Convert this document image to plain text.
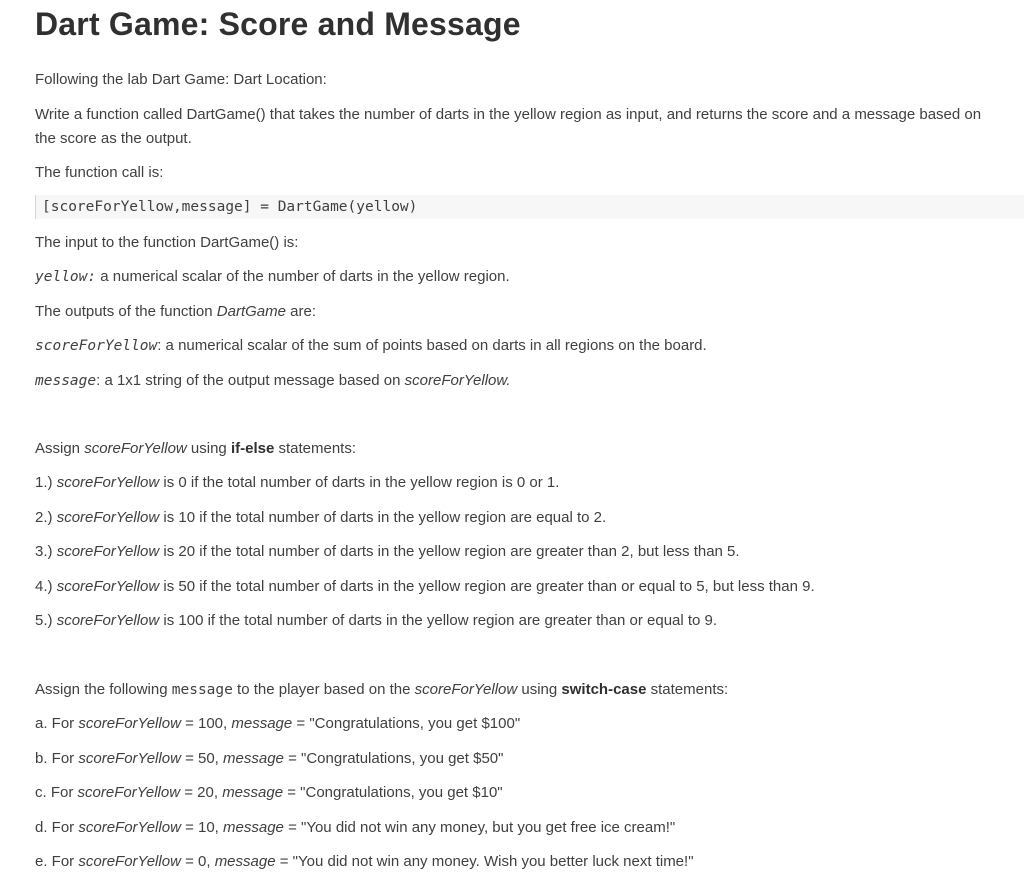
Dart Game: Score and Message
Following the lab Dart Game: Dart Location:
Write a function called DartGame() that takes the number of darts in the yellow region as input, and returns the score and a message based on the score as the output.
The function call is:
[scoreForYellow,message] = DartGame(yellow)
The input to the function DartGame() is:
yellow: a numerical scalar of the number of darts in the yellow region.
The outputs of the function DartGame are:
scoreForYellow: a numerical scalar of the sum of points based on darts in all regions on the board.
message: a 1x1 string of the output message based on scoreForYellow.
Assign scoreForYellow using if-else statements:
1.) scoreForYellow is 0 if the total number of darts in the yellow region is 0 or 1.
2.) scoreForYellow is 10 if the total number of darts in the yellow region are equal to 2.
3.) scoreForYellow is 20 if the total number of darts in the yellow region are greater than 2, but less than 5.
4.) scoreForYellow is 50 if the total number of darts in the yellow region are greater than or equal to 5, but less than 9.
5.) scoreForYellow is 100 if the total number of darts in the yellow region are greater than or equal to 9.
Assign the following message to the player based on the scoreForYellow using switch-case statements:
a. For scoreForYellow = 100, message = "Congratulations, you get $100"
b. For scoreForYellow = 50, message = "Congratulations, you get $50"
c. For scoreForYellow = 20, message = "Congratulations, you get $10"
d. For scoreForYellow = 10, message = "You did not win any money, but you get free ice cream!"
e. For scoreForYellow = 0, message = "You did not win any money. Wish you better luck next time!"
